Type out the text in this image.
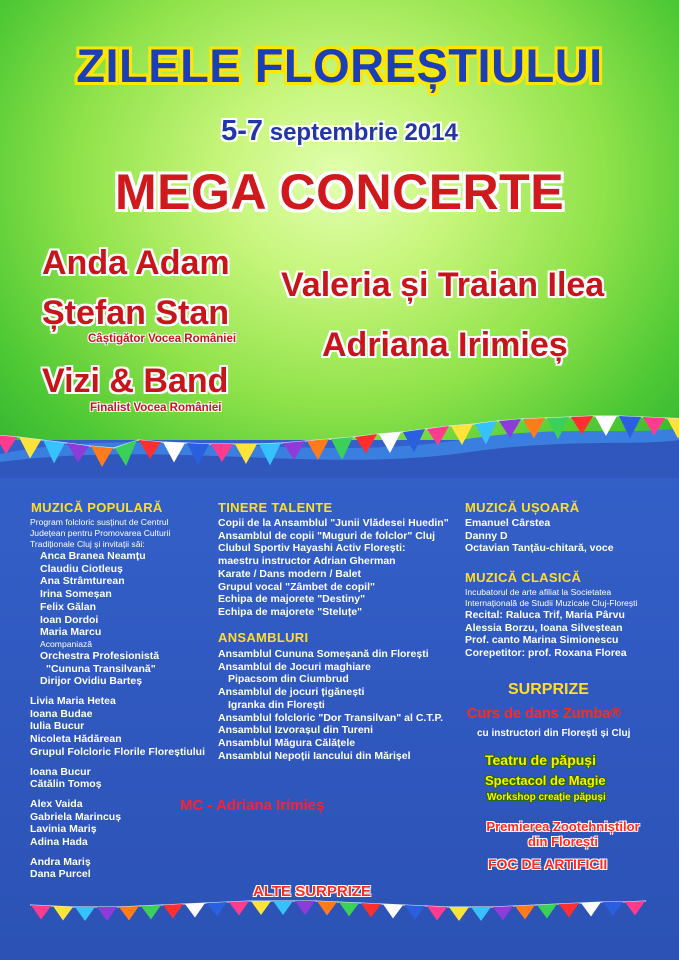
ZILELE FLOREȘTIULUI
5-7 septembrie 2014
MEGA CONCERTE
Anda Adam
Ștefan Stan
Câștigător Vocea României
Vizi & Band
Finalist Vocea României
Valeria și Traian Ilea
Adriana Irimieș
MUZICĂ POPULARĂ
Program folcloric susținut de Centrul
Județean pentru Promovarea Culturii
Tradiționale Cluj și invitații săi:
Anca Branea Neamțu
Claudiu Ciotleuș
Ana Strâmturean
Irina Someșan
Felix Gălan
Ioan Dordoi
Maria Marcu
Acompaniază
Orchestra Profesionistă
"Cununa Transilvană"
Dirijor Ovidiu Barteș
Livia Maria Hetea
Ioana Budae
Iulia Bucur
Nicoleta Hădărean
Grupul Folcloric Florile Floreștiului
Ioana Bucur
Cătălin Tomoș
Alex Vaida
Gabriela Marincuș
Lavinia Mariș
Adina Hada
Andra Mariș
Dana Purcel
TINERE TALENTE
Copii de la Ansamblul "Junii Vlădesei Huedin"
Ansamblul de copii "Muguri de folclor" Cluj
Clubul Sportiv Hayashi Activ Florești:
maestru instructor Adrian Gherman
Karate / Dans modern / Balet
Grupul vocal "Zâmbet de copil"
Echipa de majorete "Destiny"
Echipa de majorete "Steluțe"
ANSAMBLURI
Ansamblul Cununa Someșană din Florești
Ansamblul de Jocuri maghiare
Pipacsom din Ciumbrud
Ansamblul de jocuri țigănești
Igranka din Florești
Ansamblul folcloric "Dor Transilvan" al C.T.P.
Ansamblul Izvorașul din Tureni
Ansamblul Măgura Călățele
Ansamblul Nepoții Iancului din Mărișel
MC - Adriana Irimieș
MUZICĂ UȘOARĂ
Emanuel Cârstea
Danny D
Octavian Tanțău-chitară, voce
MUZICĂ CLASICĂ
Incubatorul de arte afiliat la Societatea
Internațională de Studii Muzicale Cluj-Florești
Recital: Raluca Trif, Maria Pârvu
Alessia Borzu, Ioana Silveștean
Prof. canto Marina Simionescu
Corepetitor: prof. Roxana Florea
SURPRIZE
Curs de dans Zumba®
cu instructori din Florești și Cluj
Teatru de păpuși
Spectacol de Magie
Workshop creație păpuși
Premierea Zootehniștilor
din Florești
FOC DE ARTIFICII
ALTE SURPRIZE
